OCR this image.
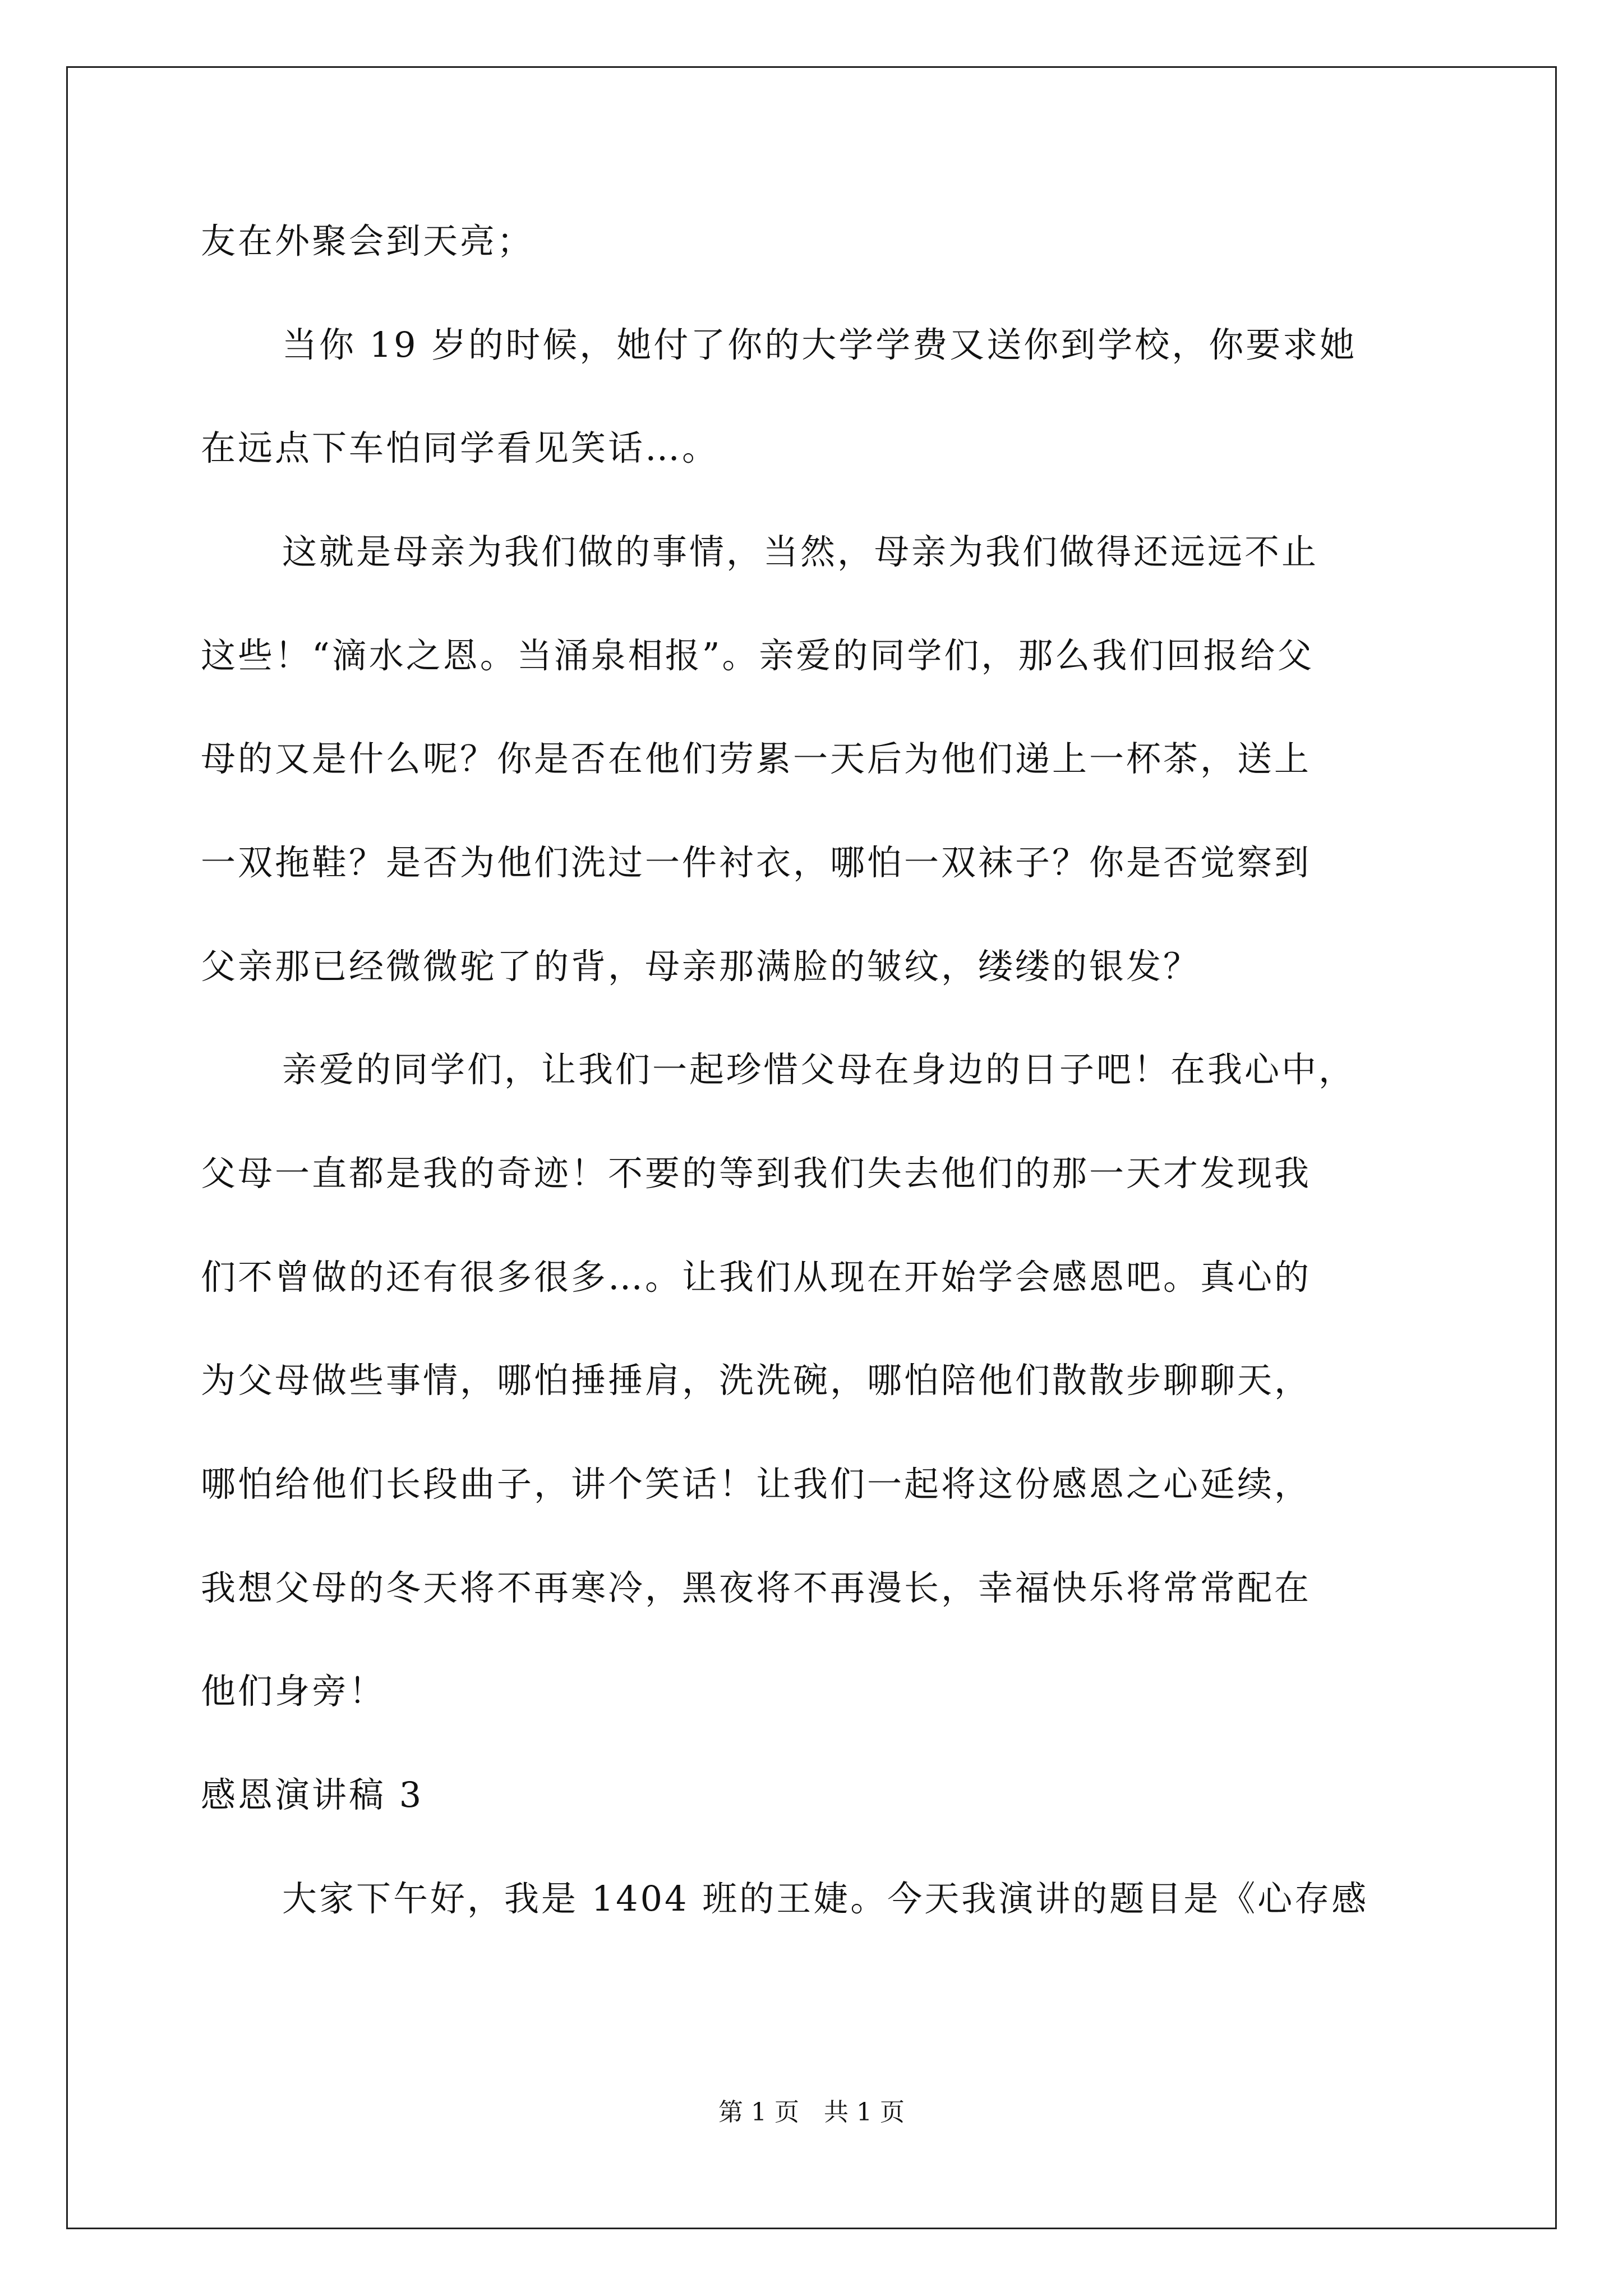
友在外聚会到天亮；
当你 19 岁的时候，她付了你的大学学费又送你到学校，你要求她
在远点下车怕同学看见笑话…。
这就是母亲为我们做的事情，当然，母亲为我们做得还远远不止
这些！“滴水之恩。当涌泉相报”。亲爱的同学们，那么我们回报给父
母的又是什么呢？你是否在他们劳累一天后为他们递上一杯茶，送上
一双拖鞋？是否为他们洗过一件衬衣，哪怕一双袜子？你是否觉察到
父亲那已经微微驼了的背，母亲那满脸的皱纹，缕缕的银发？
亲爱的同学们，让我们一起珍惜父母在身边的日子吧！在我心中，
父母一直都是我的奇迹！不要的等到我们失去他们的那一天才发现我
们不曾做的还有很多很多…。让我们从现在开始学会感恩吧。真心的
为父母做些事情，哪怕捶捶肩，洗洗碗，哪怕陪他们散散步聊聊天，
哪怕给他们长段曲子，讲个笑话！让我们一起将这份感恩之心延续，
我想父母的冬天将不再寒冷，黑夜将不再漫长，幸福快乐将常常配在
他们身旁！
感恩演讲稿 3
大家下午好，我是 1404 班的王婕。今天我演讲的题目是《心存感
第 1 页　共 1 页
